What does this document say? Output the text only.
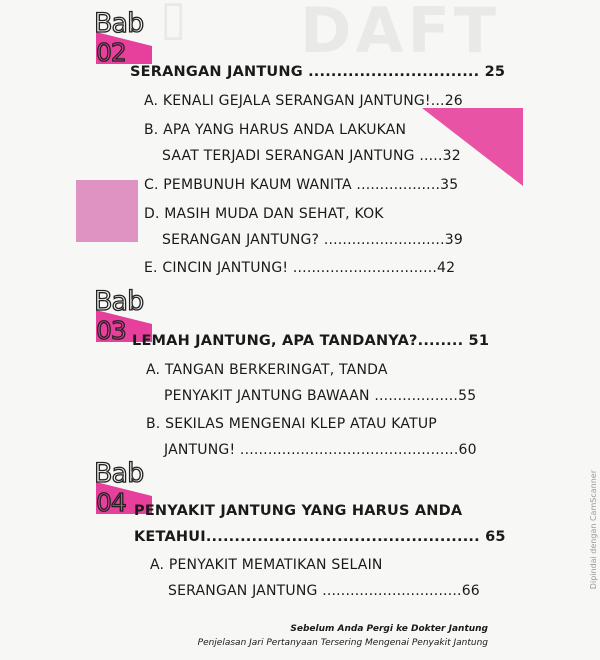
DAFT
▯
Bab
02
SERANGAN JANTUNG .............................. 25
A. KENALI GEJALA SERANGAN JANTUNG!...26
B. APA YANG HARUS ANDA LAKUKAN
SAAT TERJADI SERANGAN JANTUNG .....32
C. PEMBUNUH KAUM WANITA ..................35
D. MASIH MUDA DAN SEHAT, KOK
SERANGAN JANTUNG? ..........................39
E. CINCIN JANTUNG! ...............................42
Bab
03 LEMAH JANTUNG, APA TANDANYA?........ 51
A. TANGAN BERKERINGAT, TANDA
PENYAKIT JANTUNG BAWAAN ..................55
B. SEKILAS MENGENAI KLEP ATAU KATUP
JANTUNG! ...............................................60
Bab
04 PENYAKIT JANTUNG YANG HARUS ANDA
KETAHUI................................................ 65
A. PENYAKIT MEMATIKAN SELAIN
SERANGAN JANTUNG ..............................66
Sebelum Anda Pergi ke Dokter Jantung
Penjelasan Jari Pertanyaan Tersering Mengenai Penyakit Jantung
Dipindai dengan CamScanner
